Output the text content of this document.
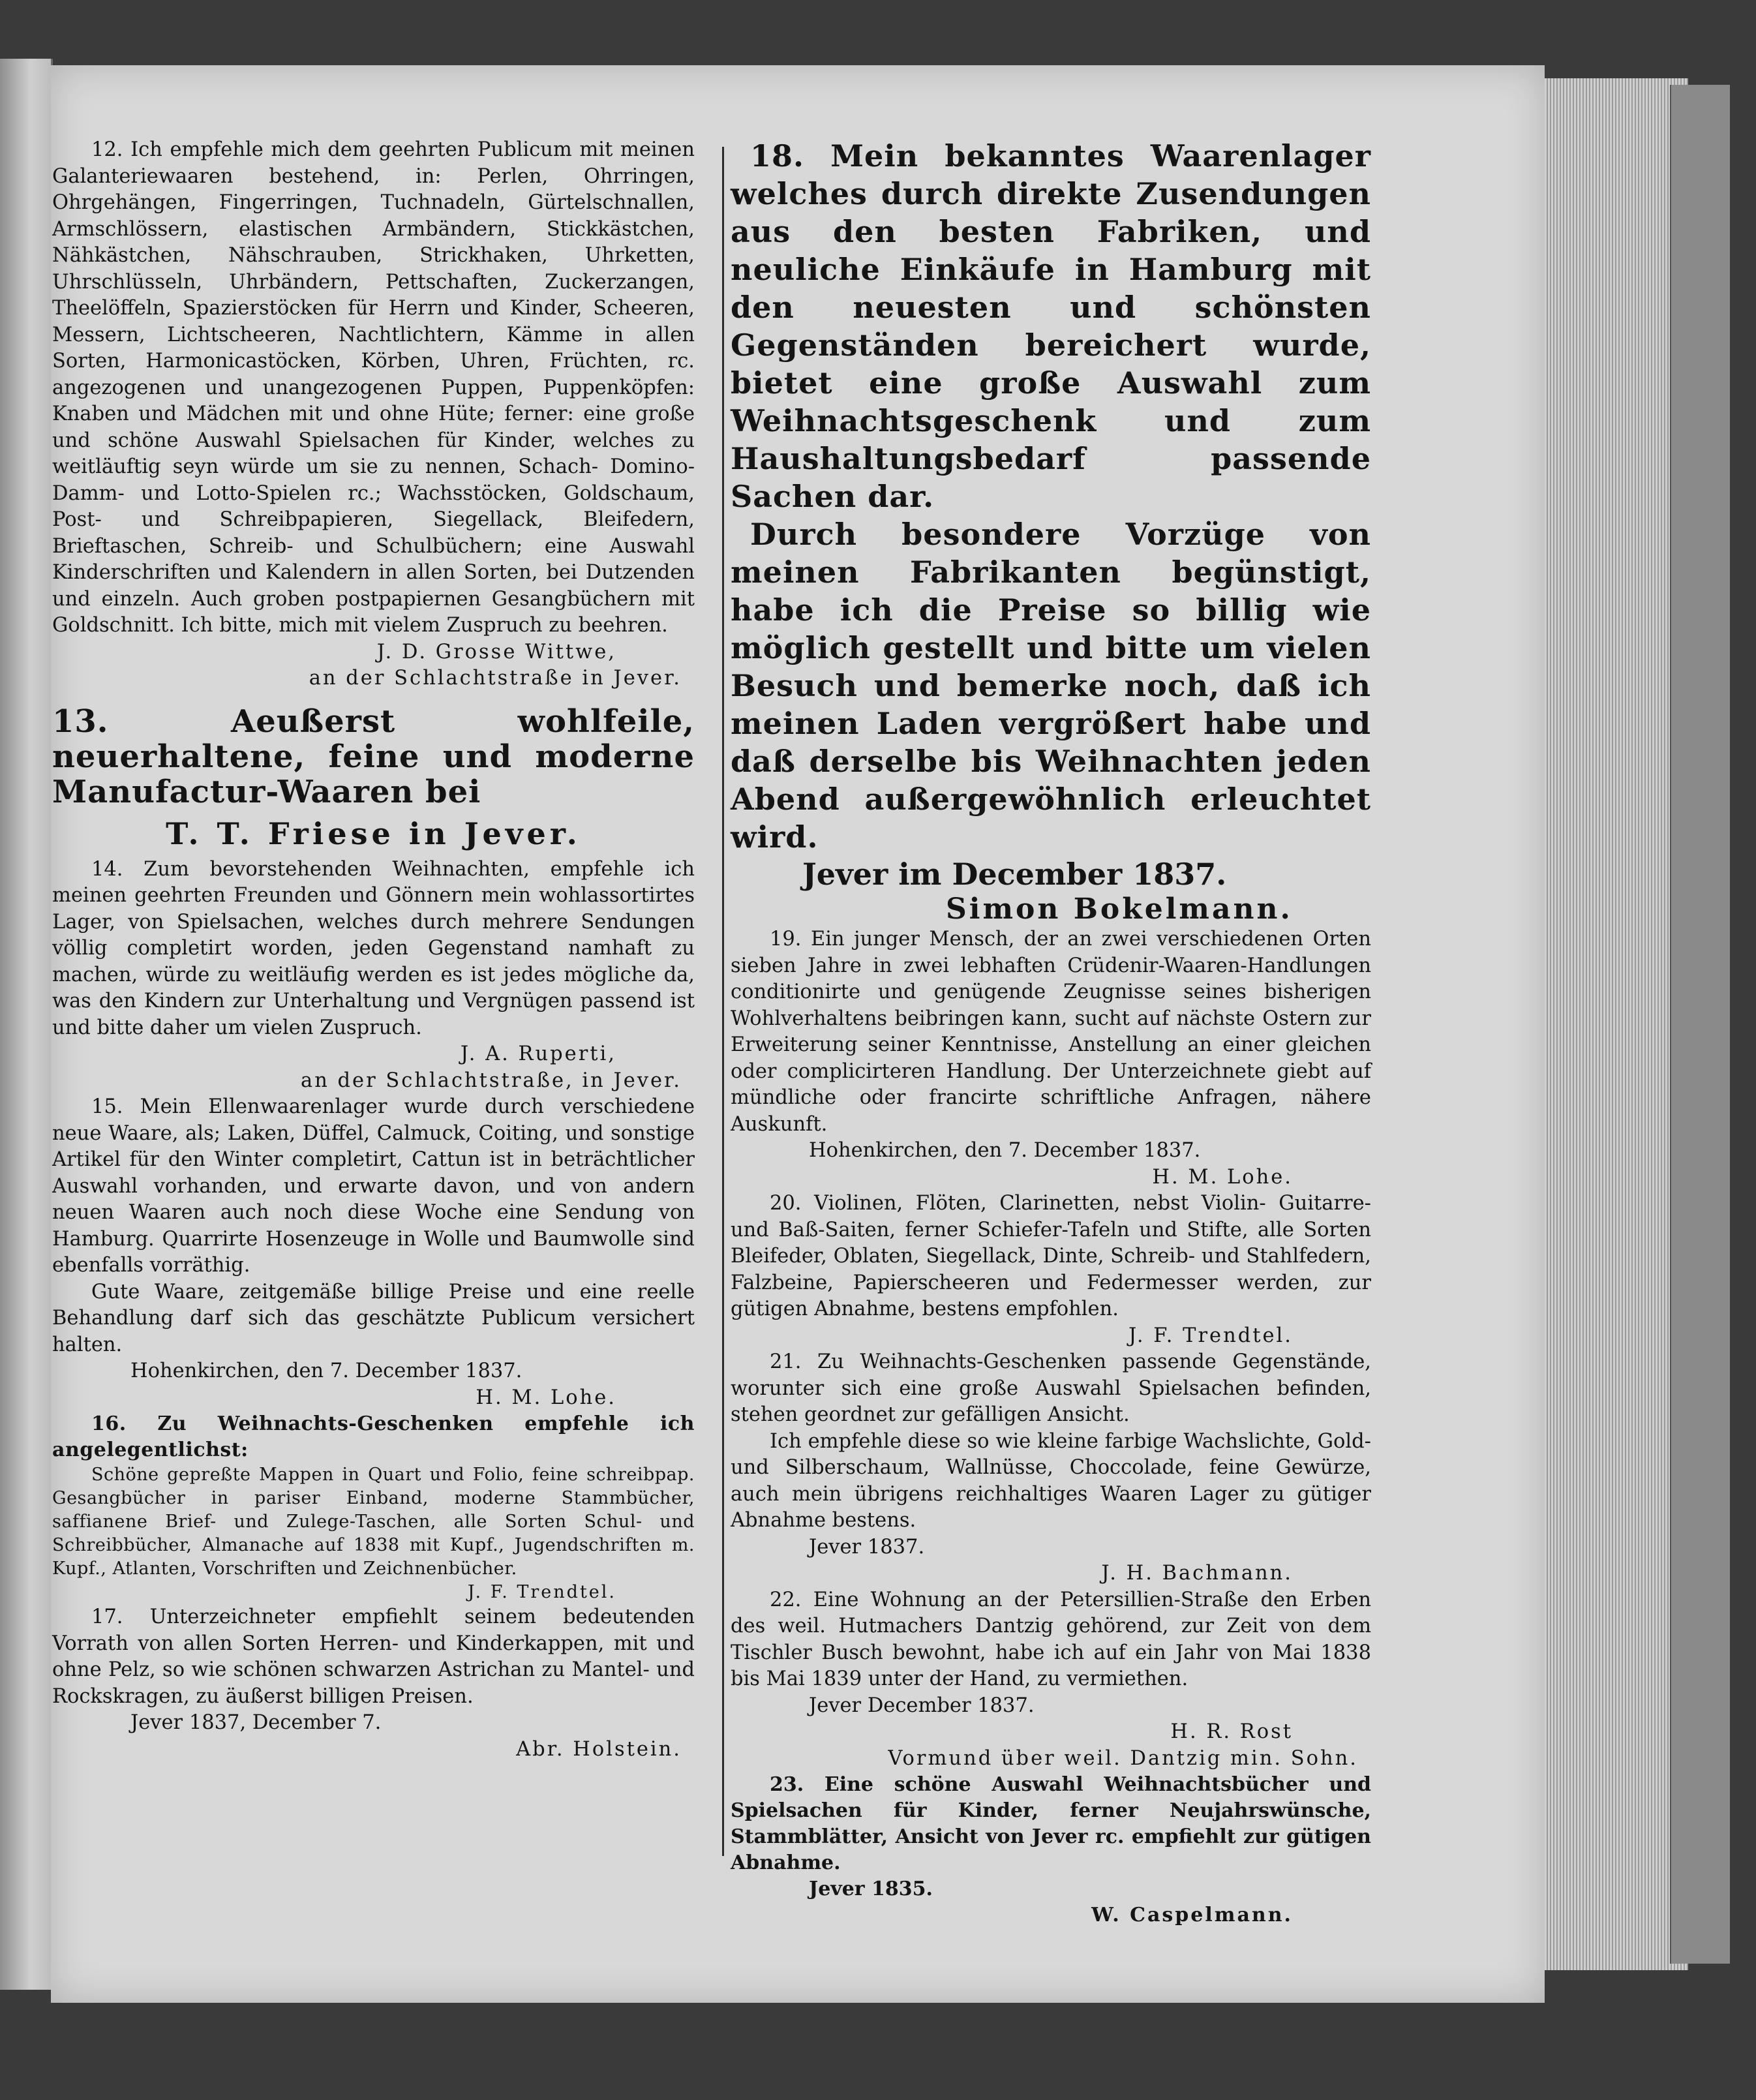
12. Ich empfehle mich dem geehrten Publicum mit meinen Galanteriewaaren bestehend, in: Perlen, Ohrringen, Ohrgehängen, Fingerringen, Tuchnadeln, Gürtelschnallen, Armschlössern, elastischen Armbändern, Stickkästchen, Nähkästchen, Nähschrauben, Strickhaken, Uhrketten, Uhrschlüsseln, Uhrbändern, Pettschaften, Zuckerzangen, Theelöffeln, Spazierstöcken für Herrn und Kinder, Scheeren, Messern, Lichtscheeren, Nachtlichtern, Kämme in allen Sorten, Harmonicastöcken, Körben, Uhren, Früchten, rc. angezogenen und unangezogenen Puppen, Puppenköpfen: Knaben und Mädchen mit und ohne Hüte; ferner: eine große und schöne Auswahl Spielsachen für Kinder, welches zu weitläuftig seyn würde um sie zu nennen, Schach- Domino- Damm- und Lotto-Spielen rc.; Wachsstöcken, Goldschaum, Post- und Schreibpapieren, Siegellack, Bleifedern, Brieftaschen, Schreib- und Schulbüchern; eine Auswahl Kinderschriften und Kalendern in allen Sorten, bei Dutzenden und einzeln. Auch groben postpapiernen Gesangbüchern mit Goldschnitt. Ich bitte, mich mit vielem Zuspruch zu beehren.

J. D. Grosse Wittwe,

an der Schlachtstraße in Jever.

13. Aeußerst wohlfeile, neuerhaltene, feine und moderne Manufactur-Waaren bei
T. T. Friese in Jever.

14. Zum bevorstehenden Weihnachten, empfehle ich meinen geehrten Freunden und Gönnern mein wohlassortirtes Lager, von Spielsachen, welches durch mehrere Sendungen völlig completirt worden, jeden Gegenstand namhaft zu machen, würde zu weitläufig werden es ist jedes mögliche da, was den Kindern zur Unterhaltung und Vergnügen passend ist und bitte daher um vielen Zuspruch.

J. A. Ruperti,

an der Schlachtstraße, in Jever.

15. Mein Ellenwaarenlager wurde durch verschiedene neue Waare, als; Laken, Düffel, Calmuck, Coiting, und sonstige Artikel für den Winter completirt, Cattun ist in beträchtlicher Auswahl vorhanden, und erwarte davon, und von andern neuen Waaren auch noch diese Woche eine Sendung von Hamburg. Quarrirte Hosenzeuge in Wolle und Baumwolle sind ebenfalls vorräthig.

Gute Waare, zeitgemäße billige Preise und eine reelle Behandlung darf sich das geschätzte Publicum versichert halten.

Hohenkirchen, den 7. December 1837.

H. M. Lohe.

16. Zu Weihnachts-Geschenken empfehle ich angelegentlichst:

Schöne gepreßte Mappen in Quart und Folio, feine schreibpap. Gesangbücher in pariser Einband, moderne Stammbücher, saffianene Brief- und Zulege-Taschen, alle Sorten Schul- und Schreibbücher, Almanache auf 1838 mit Kupf., Jugendschriften m. Kupf., Atlanten, Vorschriften und Zeichnenbücher.

J. F. Trendtel.

17. Unterzeichneter empfiehlt seinem bedeutenden Vorrath von allen Sorten Herren- und Kinderkappen, mit und ohne Pelz, so wie schönen schwarzen Astrichan zu Mantel- und Rockskragen, zu äußerst billigen Preisen.

Jever 1837, December 7.

Abr. Holstein.

18. Mein bekanntes Waarenlager welches durch direkte Zusendungen aus den besten Fabriken, und neuliche Einkäufe in Hamburg mit den neuesten und schönsten Gegenständen bereichert wurde, bietet eine große Auswahl zum Weihnachtsgeschenk und zum Haushaltungsbedarf passende Sachen dar.

Durch besondere Vorzüge von meinen Fabrikanten begünstigt, habe ich die Preise so billig wie möglich gestellt und bitte um vielen Besuch und bemerke noch, daß ich meinen Laden vergrößert habe und daß derselbe bis Weihnachten jeden Abend außergewöhnlich erleuchtet wird.

Jever im December 1837.

Simon Bokelmann.

19. Ein junger Mensch, der an zwei verschiedenen Orten sieben Jahre in zwei lebhaften Crüdenir-Waaren-Handlungen conditionirte und genügende Zeugnisse seines bisherigen Wohlverhaltens beibringen kann, sucht auf nächste Ostern zur Erweiterung seiner Kenntnisse, Anstellung an einer gleichen oder complicirteren Handlung. Der Unterzeichnete giebt auf mündliche oder francirte schriftliche Anfragen, nähere Auskunft.

Hohenkirchen, den 7. December 1837.

H. M. Lohe.

20. Violinen, Flöten, Clarinetten, nebst Violin- Guitarre- und Baß-Saiten, ferner Schiefer-Tafeln und Stifte, alle Sorten Bleifeder, Oblaten, Siegellack, Dinte, Schreib- und Stahlfedern, Falzbeine, Papierscheeren und Federmesser werden, zur gütigen Abnahme, bestens empfohlen.

J. F. Trendtel.

21. Zu Weihnachts-Geschenken passende Gegenstände, worunter sich eine große Auswahl Spielsachen befinden, stehen geordnet zur gefälligen Ansicht.

Ich empfehle diese so wie kleine farbige Wachslichte, Gold- und Silberschaum, Wallnüsse, Choccolade, feine Gewürze, auch mein übrigens reichhaltiges Waaren Lager zu gütiger Abnahme bestens.

Jever 1837.

J. H. Bachmann.

22. Eine Wohnung an der Petersillien-Straße den Erben des weil. Hutmachers Dantzig gehörend, zur Zeit von dem Tischler Busch bewohnt, habe ich auf ein Jahr von Mai 1838 bis Mai 1839 unter der Hand, zu vermiethen.

Jever December 1837.

H. R. Rost

Vormund über weil. Dantzig min. Sohn.

23. Eine schöne Auswahl Weihnachtsbücher und Spielsachen für Kinder, ferner Neujahrswünsche, Stammblätter, Ansicht von Jever rc. empfiehlt zur gütigen Abnahme.

Jever 1835.

W. Caspelmann.
